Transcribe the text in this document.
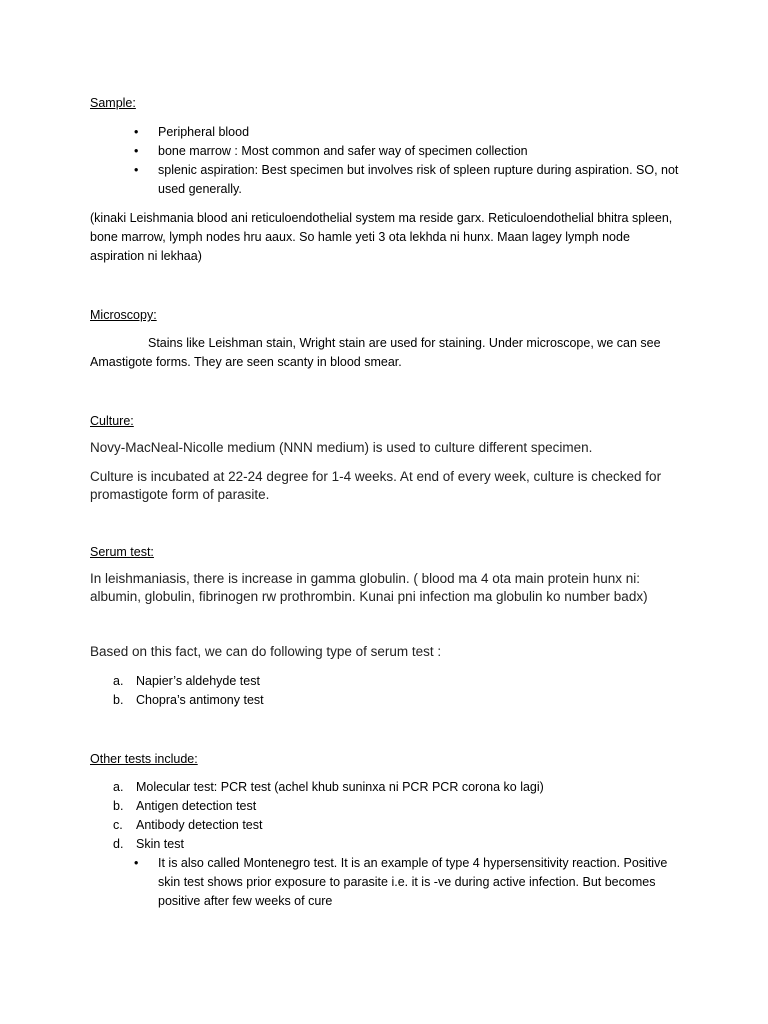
Sample:
• Peripheral blood
• bone marrow : Most common and safer way of specimen collection
• splenic aspiration: Best specimen but involves risk of spleen rupture during aspiration. SO, not used generally.

(kinaki Leishmania blood ani reticuloendothelial system ma reside garx. Reticuloendothelial bhitra spleen, bone marrow, lymph nodes hru aaux. So hamle yeti 3 ota lekhda ni hunx. Maan lagey lymph node aspiration ni lekhaa)

Microscopy:

Stains like Leishman stain, Wright stain are used for staining. Under microscope, we can see Amastigote forms. They are seen scanty in blood smear.

Culture:

Novy-MacNeal-Nicolle medium (NNN medium) is used to culture different specimen.

Culture is incubated at 22-24 degree for 1-4 weeks. At end of every week, culture is checked for promastigote form of parasite.

Serum test:

In leishmaniasis, there is increase in gamma globulin. ( blood ma 4 ota main protein hunx ni: albumin, globulin, fibrinogen rw prothrombin. Kunai pni infection ma globulin ko number badx)

Based on this fact, we can do following type of serum test :

a. Napier’s aldehyde test
b. Chopra’s antimony test
Other tests include:
a. Molecular test: PCR test (achel khub suninxa ni PCR PCR corona ko lagi)
b. Antigen detection test
c. Antibody detection test
d. Skin test
• It is also called Montenegro test. It is an example of type 4 hypersensitivity reaction. Positive skin test shows prior exposure to parasite i.e. it is -ve during active infection. But becomes positive after few weeks of cure
